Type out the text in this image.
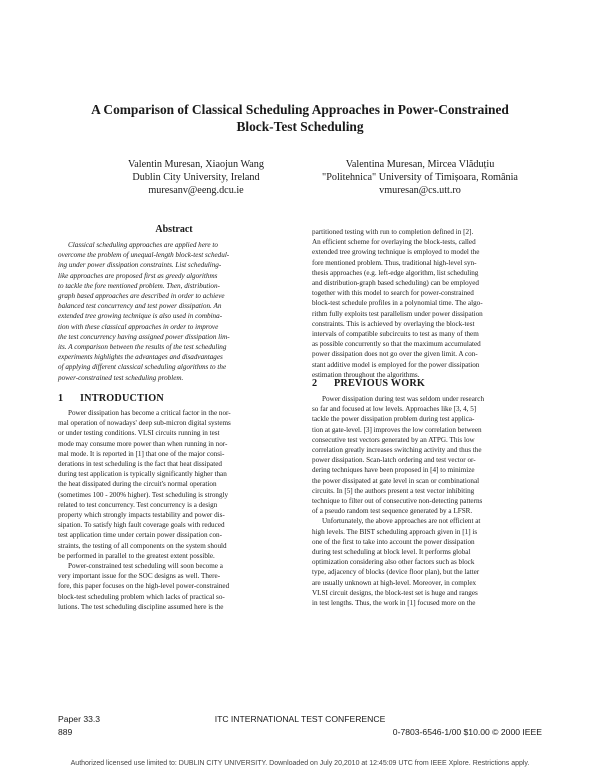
A Comparison of Classical Scheduling Approaches in Power-Constrained
Block-Test Scheduling
Valentin Muresan, Xiaojun Wang
Dublin City University, Ireland
muresanv@eeng.dcu.ie
Valentina Muresan, Mircea Vlăduțiu
"Politehnica" University of Timișoara, România
vmuresan@cs.utt.ro
Abstract
Classical scheduling approaches are applied here to
overcome the problem of unequal-length block-test schedul-
ing under power dissipation constraints. List scheduling-
like approaches are proposed first as greedy algorithms
to tackle the fore mentioned problem. Then, distribution-
graph based approaches are described in order to achieve
balanced test concurrency and test power dissipation. An
extended tree growing technique is also used in combina-
tion with these classical approaches in order to improve
the test concurrency having assigned power dissipation lim-
its. A comparison between the results of the test scheduling
experiments highlights the advantages and disadvantages
of applying different classical scheduling algorithms to the
power-constrained test scheduling problem.
1 INTRODUCTION
Power dissipation has become a critical factor in the nor-
mal operation of nowadays' deep sub-micron digital systems
or under testing conditions. VLSI circuits running in test
mode may consume more power than when running in nor-
mal mode. It is reported in [1] that one of the major consi-
derations in test scheduling is the fact that heat dissipated
during test application is typically significantly higher than
the heat dissipated during the circuit's normal operation
(sometimes 100 - 200% higher). Test scheduling is strongly
related to test concurrency. Test concurrency is a design
property which strongly impacts testability and power dis-
sipation. To satisfy high fault coverage goals with reduced
test application time under certain power dissipation con-
straints, the testing of all components on the system should
be performed in parallel to the greatest extent possible.
Power-constrained test scheduling will soon become a
very important issue for the SOC designs as well. There-
fore, this paper focuses on the high-level power-constrained
block-test scheduling problem which lacks of practical so-
lutions. The test scheduling discipline assumed here is the
partitioned testing with run to completion defined in [2].
An efficient scheme for overlaying the block-tests, called
extended tree growing technique is employed to model the
fore mentioned problem. Thus, traditional high-level syn-
thesis approaches (e.g. left-edge algorithm, list scheduling
and distribution-graph based scheduling) can be employed
together with this model to search for power-constrained
block-test schedule profiles in a polynomial time. The algo-
rithm fully exploits test parallelism under power dissipation
constraints. This is achieved by overlaying the block-test
intervals of compatible subcircuits to test as many of them
as possible concurrently so that the maximum accumulated
power dissipation does not go over the given limit. A con-
stant additive model is employed for the power dissipation
estimation throughout the algorithms.
2 PREVIOUS WORK
Power dissipation during test was seldom under research
so far and focused at low levels. Approaches like [3, 4, 5]
tackle the power dissipation problem during test applica-
tion at gate-level. [3] improves the low correlation between
consecutive test vectors generated by an ATPG. This low
correlation greatly increases switching activity and thus the
power dissipation. Scan-latch ordering and test vector or-
dering techniques have been proposed in [4] to minimize
the power dissipated at gate level in scan or combinational
circuits. In [5] the authors present a test vector inhibiting
technique to filter out of consecutive non-detecting patterns
of a pseudo random test sequence generated by a LFSR.
Unfortunately, the above approaches are not efficient at
high levels. The BIST scheduling approach given in [1] is
one of the first to take into account the power dissipation
during test scheduling at block level. It performs global
optimization considering also other factors such as block
type, adjacency of blocks (device floor plan), but the latter
are usually unknown at high-level. Moreover, in complex
VLSI circuit designs, the block-test set is huge and ranges
in test lengths. Thus, the work in [1] focused more on the
Paper 33.3
889
ITC INTERNATIONAL TEST CONFERENCE
0-7803-6546-1/00 $10.00 © 2000 IEEE
Authorized licensed use limited to: DUBLIN CITY UNIVERSITY. Downloaded on July 20,2010 at 12:45:09 UTC from IEEE Xplore. Restrictions apply.
